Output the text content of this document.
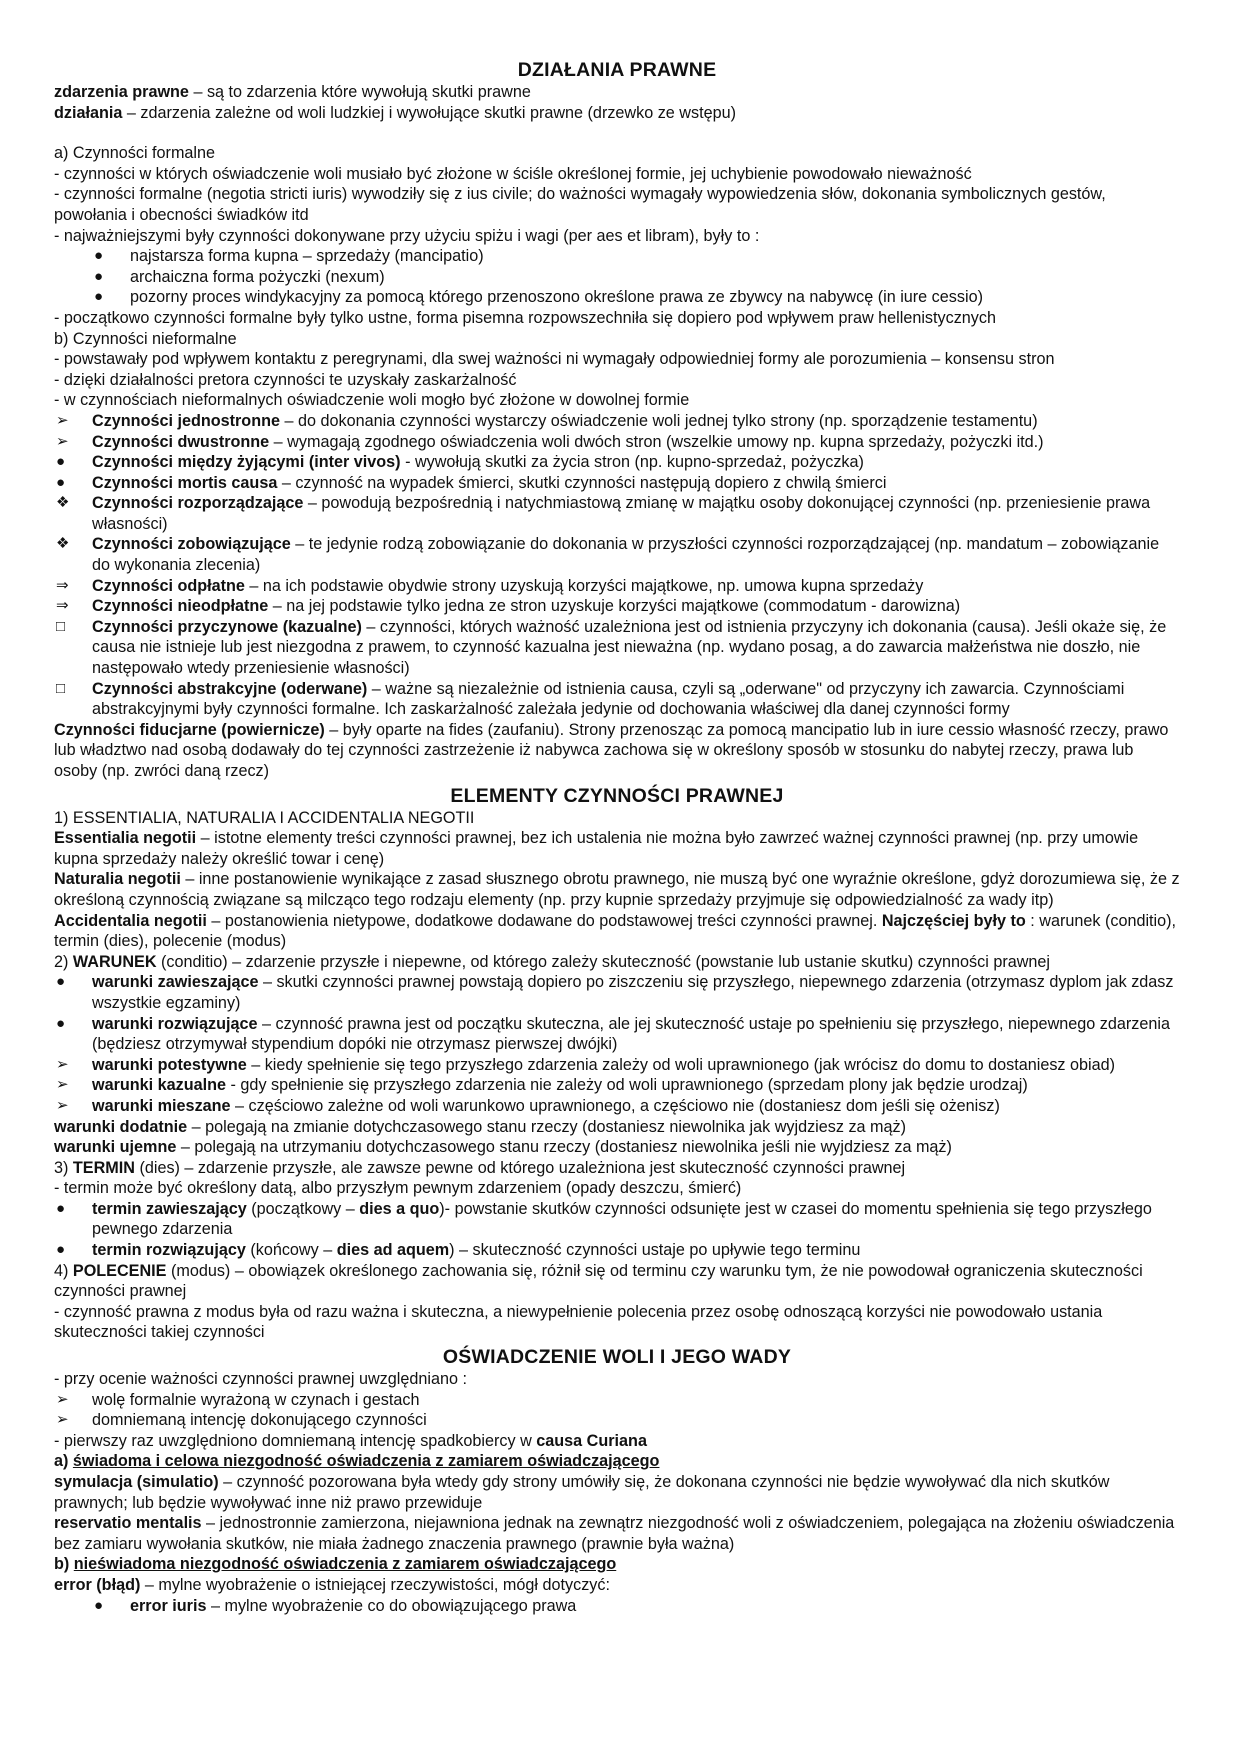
DZIAŁANIA PRAWNE

zdarzenia prawne – są to zdarzenia które wywołują skutki prawne

działania – zdarzenia zależne od woli ludzkiej i wywołujące skutki prawne (drzewko ze wstępu)

a) Czynności formalne

- czynności w których oświadczenie woli musiało być złożone w ściśle określonej formie, jej uchybienie powodowało nieważność

- czynności formalne (negotia stricti iuris) wywodziły się z ius civile; do ważności wymagały wypowiedzenia słów, dokonania symbolicznych gestów, powołania i obecności świadków itd

- najważniejszymi były czynności dokonywane przy użyciu spiżu i wagi (per aes et libram), były to :

●	najstarsza forma kupna – sprzedaży (mancipatio)
●	archaiczna forma pożyczki (nexum)
●	pozorny proces windykacyjny za pomocą którego przenoszono określone prawa ze zbywcy na nabywcę (in iure cessio)

- początkowo czynności formalne były tylko ustne, forma pisemna rozpowszechniła się dopiero pod wpływem praw hellenistycznych

b) Czynności nieformalne

- powstawały pod wpływem kontaktu z peregrynami, dla swej ważności ni wymagały odpowiedniej formy ale porozumienia – konsensu stron

- dzięki działalności pretora czynności te uzyskały zaskarżalność

- w czynnościach nieformalnych oświadczenie woli mogło być złożone w dowolnej formie

➢	Czynności jednostronne – do dokonania czynności wystarczy oświadczenie woli jednej tylko strony (np. sporządzenie testamentu)
➢	Czynności dwustronne – wymagają zgodnego oświadczenia woli dwóch stron (wszelkie umowy np. kupna sprzedaży, pożyczki itd.)
●	Czynności między żyjącymi (inter vivos) - wywołują skutki za życia stron (np. kupno-sprzedaż, pożyczka)
●	Czynności mortis causa – czynność na wypadek śmierci, skutki czynności następują dopiero z chwilą śmierci
❖	Czynności rozporządzające – powodują bezpośrednią i natychmiastową zmianę w majątku osoby dokonującej czynności (np. przeniesienie prawa własności)
❖	Czynności zobowiązujące – te jedynie rodzą zobowiązanie do dokonania w przyszłości czynności rozporządzającej (np. mandatum – zobowiązanie do wykonania zlecenia)
⇒	Czynności odpłatne – na ich podstawie obydwie strony uzyskują korzyści majątkowe, np. umowa kupna sprzedaży
⇒	Czynności nieodpłatne – na jej podstawie tylko jedna ze stron uzyskuje korzyści majątkowe (commodatum - darowizna)
□	Czynności przyczynowe (kazualne) – czynności, których ważność uzależniona jest od istnienia przyczyny ich dokonania (causa). Jeśli okaże się, że causa nie istnieje lub jest niezgodna z prawem, to czynność kazualna jest nieważna (np. wydano posag, a do zawarcia małżeństwa nie doszło, nie następowało wtedy przeniesienie własności)
□	Czynności abstrakcyjne (oderwane) – ważne są niezależnie od istnienia causa, czyli są „oderwane" od przyczyny ich zawarcia. Czynnościami abstrakcyjnymi były czynności formalne. Ich zaskarżalność zależała jedynie od dochowania właściwej dla danej czynności formy

Czynności fiducjarne (powiernicze) – były oparte na fides (zaufaniu). Strony przenosząc za pomocą mancipatio lub in iure cessio własność rzeczy, prawo lub władztwo nad osobą dodawały do tej czynności zastrzeżenie iż nabywca zachowa się w określony sposób w stosunku do nabytej rzeczy, prawa lub osoby (np. zwróci daną rzecz)

ELEMENTY CZYNNOŚCI PRAWNEJ

1) ESSENTIALIA, NATURALIA I ACCIDENTALIA NEGOTII

Essentialia negotii – istotne elementy treści czynności prawnej, bez ich ustalenia nie można było zawrzeć ważnej czynności prawnej (np. przy umowie kupna sprzedaży należy określić towar i cenę)

Naturalia negotii – inne postanowienie wynikające z zasad słusznego obrotu prawnego, nie muszą być one wyraźnie określone, gdyż dorozumiewa się, że z określoną czynnością związane są milcząco tego rodzaju elementy (np. przy kupnie sprzedaży przyjmuje się odpowiedzialność za wady itp)

Accidentalia negotii – postanowienia nietypowe, dodatkowe dodawane do podstawowej treści czynności prawnej. Najczęściej były to : warunek (conditio), termin (dies), polecenie (modus)

2) WARUNEK (conditio) – zdarzenie przyszłe i niepewne, od którego zależy skuteczność (powstanie lub ustanie skutku) czynności prawnej

●	warunki zawieszające – skutki czynności prawnej powstają dopiero po ziszczeniu się przyszłego, niepewnego zdarzenia (otrzymasz dyplom jak zdasz wszystkie egzaminy)
●	warunki rozwiązujące – czynność prawna jest od początku skuteczna, ale jej skuteczność ustaje po spełnieniu się przyszłego, niepewnego zdarzenia (będziesz otrzymywał stypendium dopóki nie otrzymasz pierwszej dwójki)
➢	warunki potestywne – kiedy spełnienie się tego przyszłego zdarzenia zależy od woli uprawnionego (jak wrócisz do domu to dostaniesz obiad)
➢	warunki kazualne - gdy spełnienie się przyszłego zdarzenia nie zależy od woli uprawnionego (sprzedam plony jak będzie urodzaj)
➢	warunki mieszane – częściowo zależne od woli warunkowo uprawnionego, a częściowo nie (dostaniesz dom jeśli się ożenisz)

warunki dodatnie – polegają na zmianie dotychczasowego stanu rzeczy (dostaniesz niewolnika jak wyjdziesz za mąż)

warunki ujemne – polegają na utrzymaniu dotychczasowego stanu rzeczy (dostaniesz niewolnika jeśli nie wyjdziesz za mąż)

3) TERMIN (dies) – zdarzenie przyszłe, ale zawsze pewne od którego uzależniona jest skuteczność czynności prawnej

- termin może być określony datą, albo przyszłym pewnym zdarzeniem (opady deszczu, śmierć)

●	termin zawieszający (początkowy – dies a quo)- powstanie skutków czynności odsunięte jest w czasei do momentu spełnienia się tego przyszłego pewnego zdarzenia
●	termin rozwiązujący (końcowy – dies ad aquem) – skuteczność czynności ustaje po upływie tego terminu

4) POLECENIE (modus) – obowiązek określonego zachowania się, różnił się od terminu czy warunku tym, że nie powodował ograniczenia skuteczności czynności prawnej

- czynność prawna z modus była od razu ważna i skuteczna, a niewypełnienie polecenia przez osobę odnoszącą korzyści nie powodowało ustania skuteczności takiej czynności

OŚWIADCZENIE WOLI I JEGO WADY

- przy ocenie ważności czynności prawnej uwzględniano :

➢	wolę formalnie wyrażoną w czynach i gestach
➢	domniemaną intencję dokonującego czynności

- pierwszy raz uwzględniono domniemaną intencję spadkobiercy w causa Curiana

a) świadoma i celowa niezgodność oświadczenia z zamiarem oświadczającego

symulacja (simulatio) – czynność pozorowana była wtedy gdy strony umówiły się, że dokonana czynności nie będzie wywoływać dla nich skutków prawnych; lub będzie wywoływać inne niż prawo przewiduje

reservatio mentalis – jednostronnie zamierzona, niejawniona jednak na zewnątrz niezgodność woli z oświadczeniem, polegająca na złożeniu oświadczenia bez zamiaru wywołania skutków, nie miała żadnego znaczenia prawnego (prawnie była ważna)

b) nieświadoma niezgodność oświadczenia z zamiarem oświadczającego

error (błąd) – mylne wyobrażenie o istniejącej rzeczywistości, mógł dotyczyć:

●	error iuris – mylne wyobrażenie co do obowiązującego prawa
